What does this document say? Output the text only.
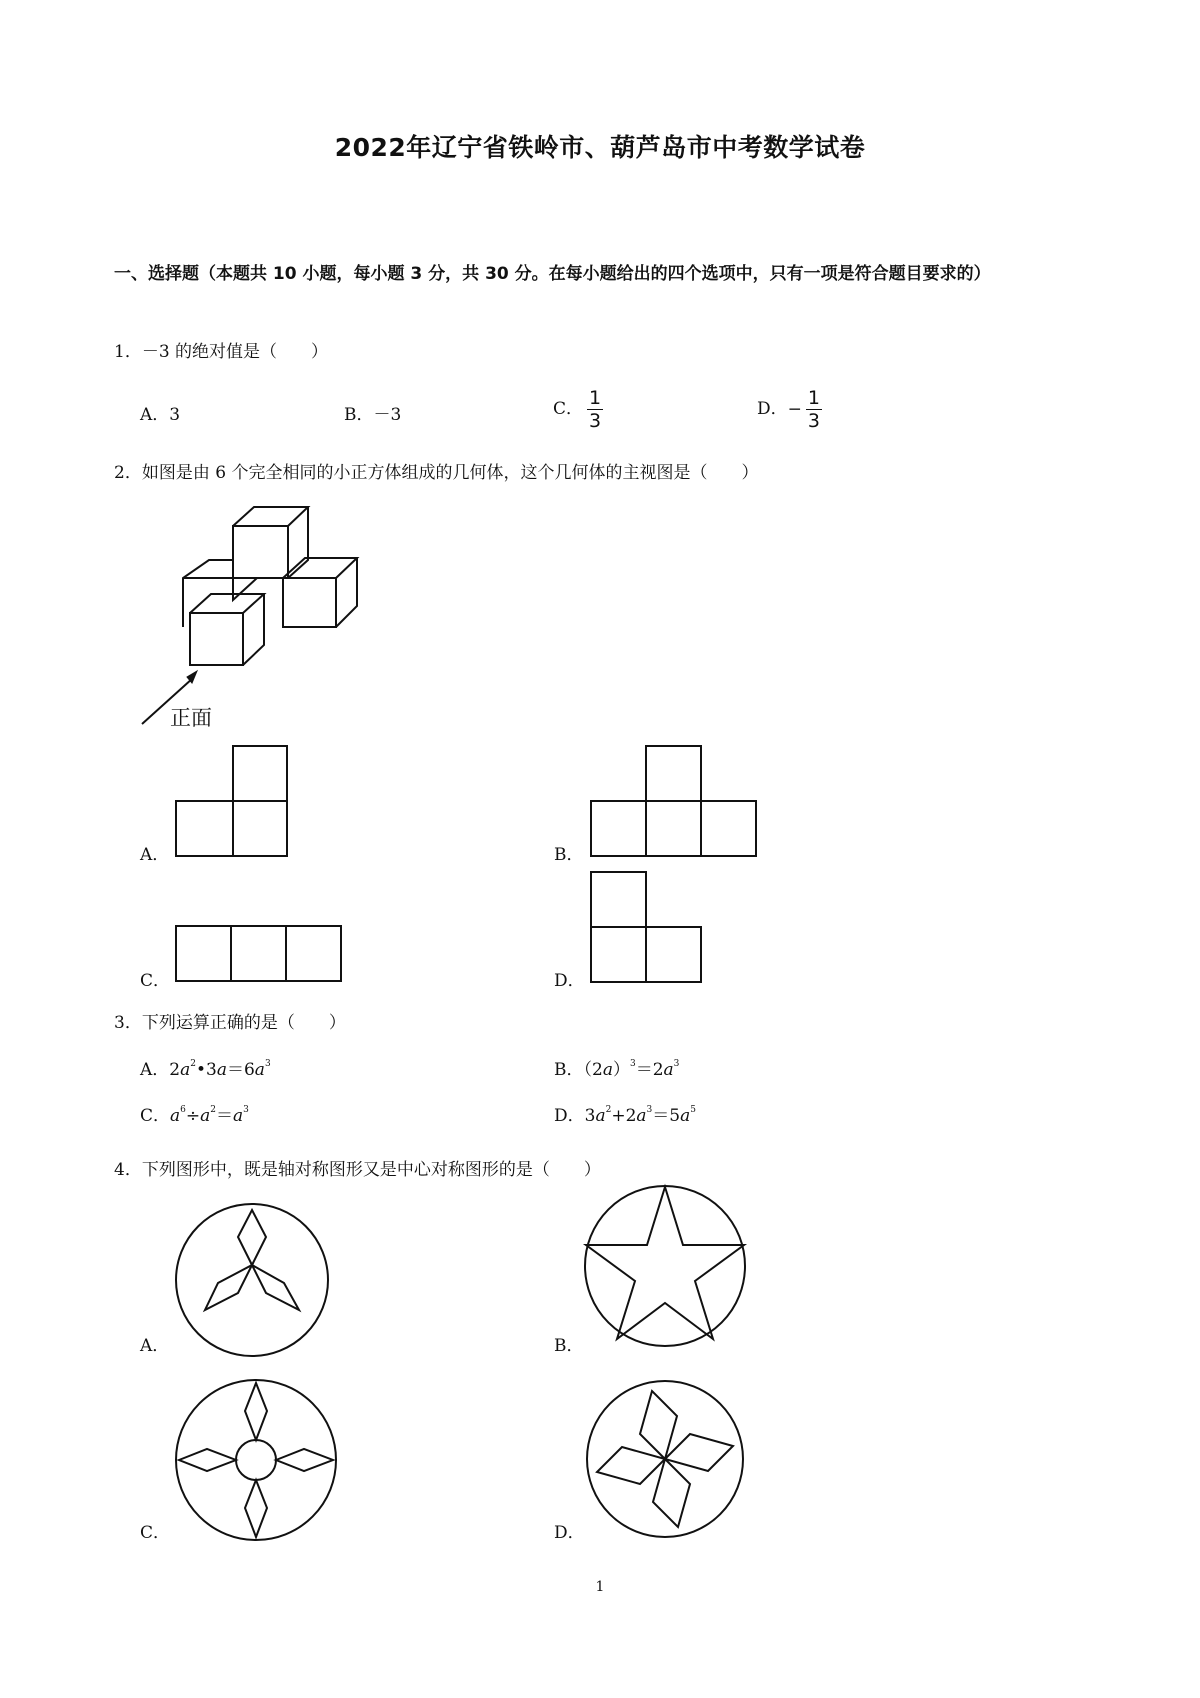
2022年辽宁省铁岭市、葫芦岛市中考数学试卷
一、选择题（本题共 10 小题，每小题 3 分，共 30 分。在每小题给出的四个选项中，只有一项是符合题目要求的）
1．－3 的绝对值是（　　）
A．3	B．－3	C． $\frac{1}{3}$	D．− $\frac{1}{3}$
2．如图是由 6 个完全相同的小正方体组成的几何体，这个几何体的主视图是（　　）
正面
A．	B．
C．	D．
3．下列运算正确的是（　　）
A．$2a^2•3a=6a^3$	B．$(2a)^3=2a^3$
C．$a^6\div a^2=a^3$	D．$3a^2+2a^3=5a^5$
4．下列图形中，既是轴对称图形又是中心对称图形的是（　　）
A．	B．
C．	D．
1
